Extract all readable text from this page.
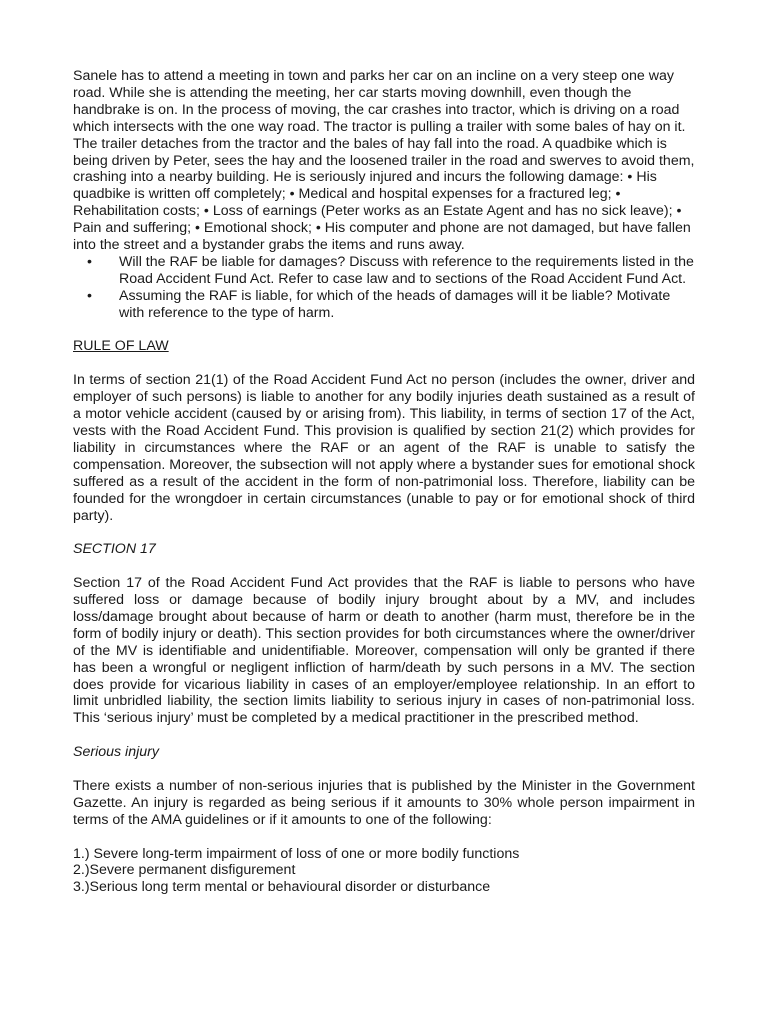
Sanele has to attend a meeting in town and parks her car on an incline on a very steep one way road. While she is attending the meeting, her car starts moving downhill, even though the handbrake is on. In the process of moving, the car crashes into tractor, which is driving on a road which intersects with the one way road. The tractor is pulling a trailer with some bales of hay on it. The trailer detaches from the tractor and the bales of hay fall into the road. A quadbike which is being driven by Peter, sees the hay and the loosened trailer in the road and swerves to avoid them, crashing into a nearby building. He is seriously injured and incurs the following damage: • His quadbike is written off completely; • Medical and hospital expenses for a fractured leg; • Rehabilitation costs; • Loss of earnings (Peter works as an Estate Agent and has no sick leave); • Pain and suffering; • Emotional shock; • His computer and phone are not damaged, but have fallen into the street and a bystander grabs the items and runs away.

• Will the RAF be liable for damages? Discuss with reference to the requirements listed in the Road Accident Fund Act. Refer to case law and to sections of the Road Accident Fund Act.
• Assuming the RAF is liable, for which of the heads of damages will it be liable? Motivate with reference to the type of harm.

RULE OF LAW

In terms of section 21(1) of the Road Accident Fund Act no person (includes the owner, driver and employer of such persons) is liable to another for any bodily injuries death sustained as a result of a motor vehicle accident (caused by or arising from). This liability, in terms of section 17 of the Act, vests with the Road Accident Fund. This provision is qualified by section 21(2) which provides for liability in circumstances where the RAF or an agent of the RAF is unable to satisfy the compensation. Moreover, the subsection will not apply where a bystander sues for emotional shock suffered as a result of the accident in the form of non-patrimonial loss. Therefore, liability can be founded for the wrongdoer in certain circumstances (unable to pay or for emotional shock of third party).

SECTION 17

Section 17 of the Road Accident Fund Act provides that the RAF is liable to persons who have suffered loss or damage because of bodily injury brought about by a MV, and includes loss/damage brought about because of harm or death to another (harm must, therefore be in the form of bodily injury or death). This section provides for both circumstances where the owner/driver of the MV is identifiable and unidentifiable. Moreover, compensation will only be granted if there has been a wrongful or negligent infliction of harm/death by such persons in a MV. The section does provide for vicarious liability in cases of an employer/employee relationship. In an effort to limit unbridled liability, the section limits liability to serious injury in cases of non-patrimonial loss. This ‘serious injury’ must be completed by a medical practitioner in the prescribed method.

Serious injury

There exists a number of non-serious injuries that is published by the Minister in the Government Gazette. An injury is regarded as being serious if it amounts to 30% whole person impairment in terms of the AMA guidelines or if it amounts to one of the following:

1.) Severe long-term impairment of loss of one or more bodily functions

2.)Severe permanent disfigurement

3.)Serious long term mental or behavioural disorder or disturbance
